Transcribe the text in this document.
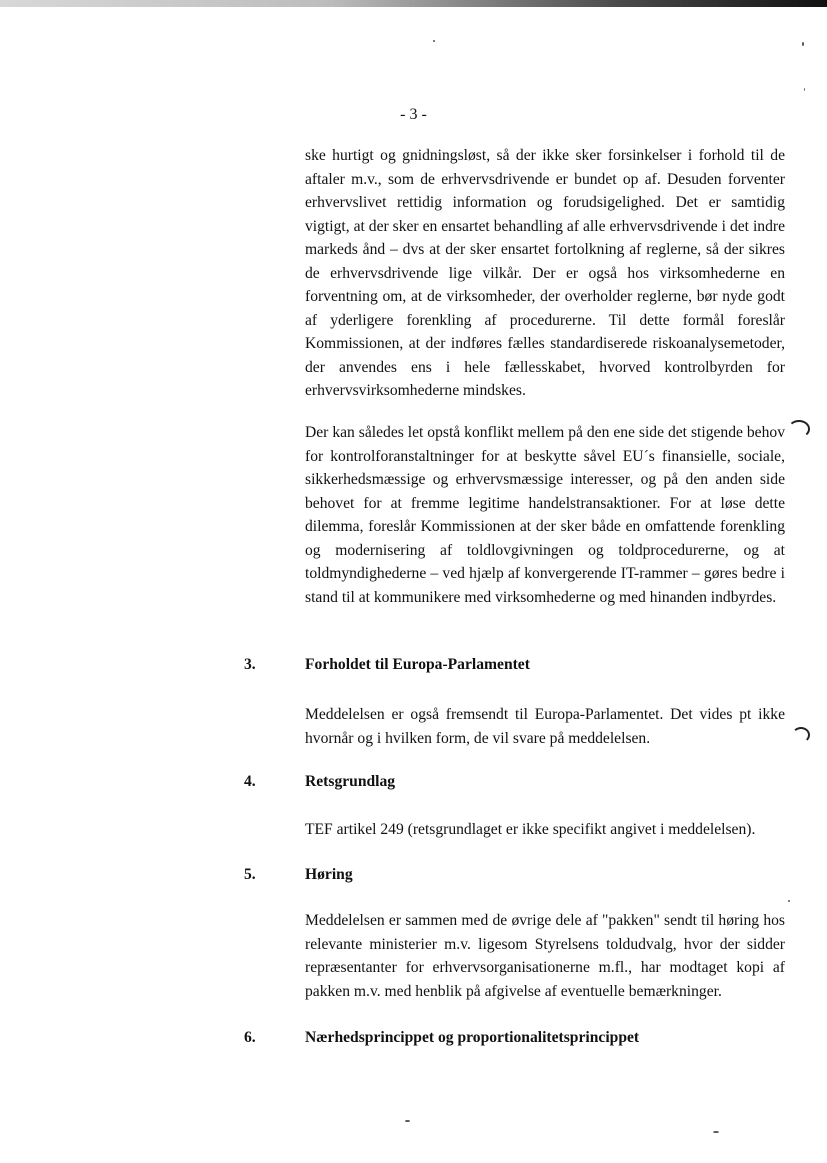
- 3 -

ske hurtigt og gnidningsløst, så der ikke sker forsinkelser i forhold til de aftaler m.v., som de erhvervsdrivende er bundet op af. Desuden forventer erhvervslivet rettidig information og forudsigelighed. Det er samtidig vigtigt, at der sker en ensartet behandling af alle erhvervsdrivende i det indre markeds ånd – dvs at der sker ensartet fortolkning af reglerne, så der sikres de erhvervsdrivende lige vilkår. Der er også hos virksomhederne en forventning om, at de virksomheder, der overholder reglerne, bør nyde godt af yderligere forenkling af procedurerne. Til dette formål foreslår Kommissionen, at der indføres fælles standardiserede riskoanalysemetoder, der anvendes ens i hele fællesskabet, hvorved kontrolbyrden for erhvervsvirksomhederne mindskes.

Der kan således let opstå konflikt mellem på den ene side det stigende behov for kontrolforanstaltninger for at beskytte såvel EU´s finansielle, sociale, sikkerhedsmæssige og erhvervsmæssige interesser, og på den anden side behovet for at fremme legitime handelstransaktioner. For at løse dette dilemma, foreslår Kommissionen at der sker både en omfattende forenkling og modernisering af toldlovgivningen og toldprocedurerne, og at toldmyndighederne – ved hjælp af konvergerende IT-rammer – gøres bedre i stand til at kommunikere med virksomhederne og med hinanden indbyrdes.

3.	Forholdet til Europa-Parlamentet

Meddelelsen er også fremsendt til Europa-Parlamentet. Det vides pt ikke hvornår og i hvilken form, de vil svare på meddelelsen.

4.	Retsgrundlag

TEF artikel 249 (retsgrundlaget er ikke specifikt angivet i meddelelsen).

5.	Høring

Meddelelsen er sammen med de øvrige dele af "pakken" sendt til høring hos relevante ministerier m.v. ligesom Styrelsens toldudvalg, hvor der sidder repræsentanter for erhvervsorganisationerne m.fl., har modtaget kopi af pakken m.v. med henblik på afgivelse af eventuelle bemærkninger.

6.	Nærhedsprincippet og proportionalitetsprincippet
